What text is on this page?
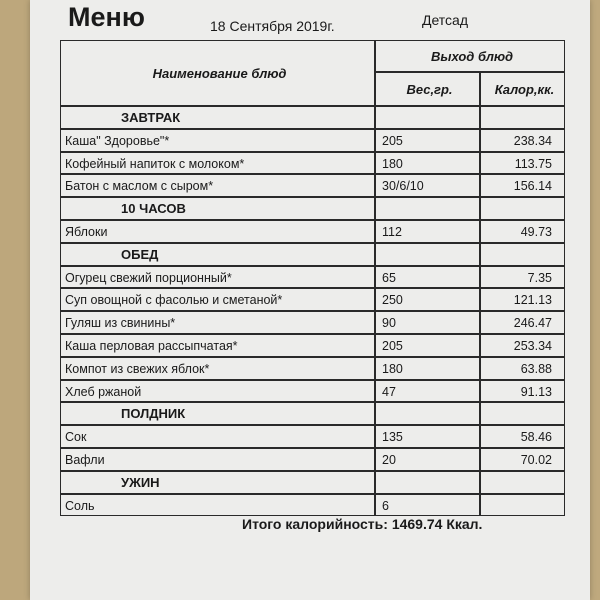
Меню	18 Сентября 2019г.	Детсад
Наименование блюд
Выход блюд
Вес,гр.	Калор,кк.
ЗАВТРАК
Каша" Здоровье"*	205	238.34
Кофейный напиток с молоком*	180	113.75
Батон с маслом с сыром*	30/6/10	156.14
10 ЧАСОВ
Яблоки	112	49.73
ОБЕД
Огурец свежий порционный*	65	7.35
Суп овощной с фасолью и сметаной*	250	121.13
Гуляш из свинины*	90	246.47
Каша перловая рассыпчатая*	205	253.34
Компот из свежих яблок*	180	63.88
Хлеб ржаной	47	91.13
ПОЛДНИК
Сок	135	58.46
Вафли	20	70.02
УЖИН
Соль	6
Итого калорийность: 1469.74 Ккал.
